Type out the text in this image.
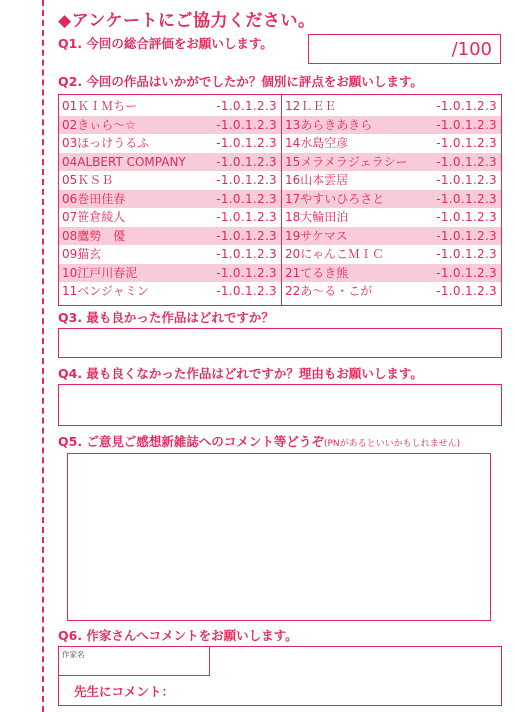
◆アンケートにご協力ください。
Q1. 今回の総合評価をお願いします。	/100
Q2. 今回の作品はいかがでしたか？個別に評点をお願いします。
01ＫＩＭちー	-1.0.1.2.3
02きぃら～☆	-1.0.1.2.3
03ほっけうるふ	-1.0.1.2.3
04ALBERT COMPANY	-1.0.1.2.3
05ＫＳＢ	-1.0.1.2.3
06巻田佳春	-1.0.1.2.3
07笹倉綾人	-1.0.1.2.3
08鷹勢　優	-1.0.1.2.3
09猫玄	-1.0.1.2.3
10江戸川春泥	-1.0.1.2.3
11ベンジャミン	-1.0.1.2.3
12ＬＥＥ	-1.0.1.2.3
13あらきあきら	-1.0.1.2.3
14水島空彦	-1.0.1.2.3
15メラメラジェラシー -1.0.1.2.3
16山本雲居	-1.0.1.2.3
17やすいひろさと	-1.0.1.2.3
18大輪田泊	-1.0.1.2.3
19サケマス	-1.0.1.2.3
20にゃんこＭＩＣ	-1.0.1.2.3
21てるき熊	-1.0.1.2.3
22あ～る・こが	-1.0.1.2.3
Q3. 最も良かった作品はどれですか？
Q4. 最も良くなかった作品はどれですか？理由もお願いします。
Q5. ご意見ご感想新雑誌へのコメント等どうぞ(PNがあるといいかもしれません)
Q6. 作家さんへコメントをお願いします。
作家名
先生にコメント：
